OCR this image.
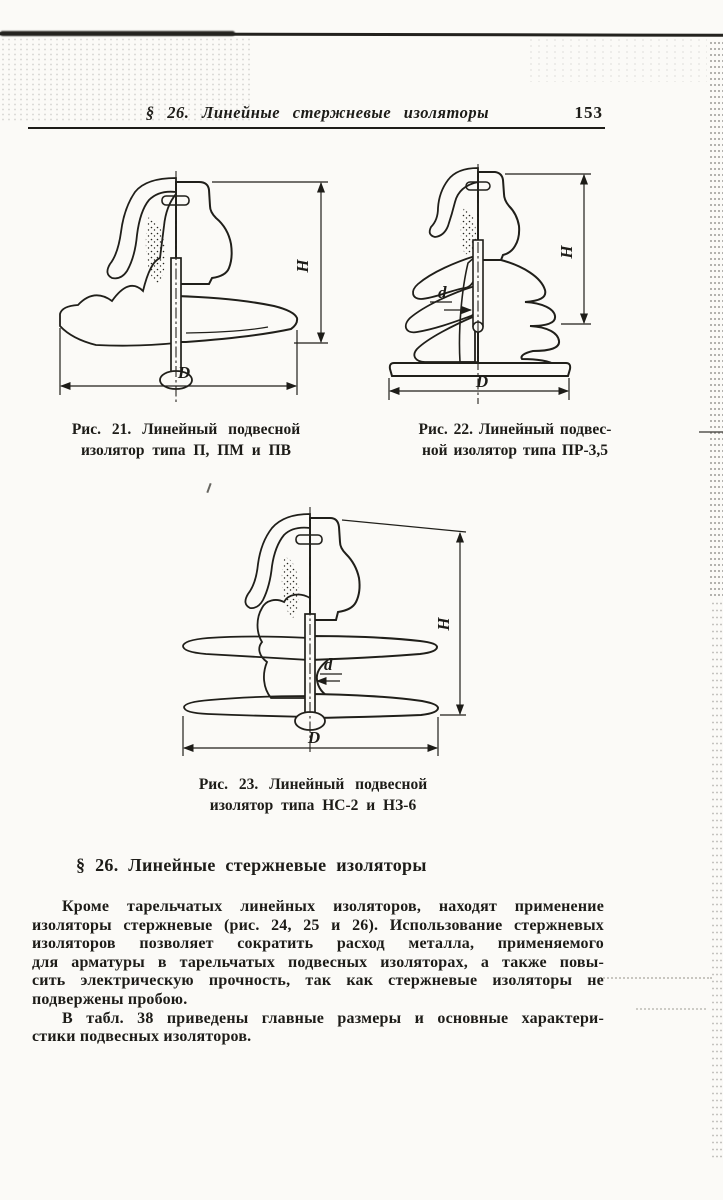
§ 26. Линейные стержневые изоляторы	153
H
D
d
H
D
d
H
D
Рис. 21. Линейный подвесной
изолятор типа П, ПМ и ПВ
Рис. 22. Линейный подвес-
ной изолятор типа ПР-3,5
Рис. 23. Линейный подвесной
изолятор типа НС-2 и НЗ-6
§ 26. Линейные стержневые изоляторы
Кроме тарельчатых линейных изоляторов, находят применение
изоляторы стержневые (рис. 24, 25 и 26). Использование стержневых
изоляторов позволяет сократить расход металла, применяемого
для арматуры в тарельчатых подвесных изоляторах, а также повы-
сить электрическую прочность, так как стержневые изоляторы не
подвержены пробою.
В табл. 38 приведены главные размеры и основные характери-
стики подвесных изоляторов.
